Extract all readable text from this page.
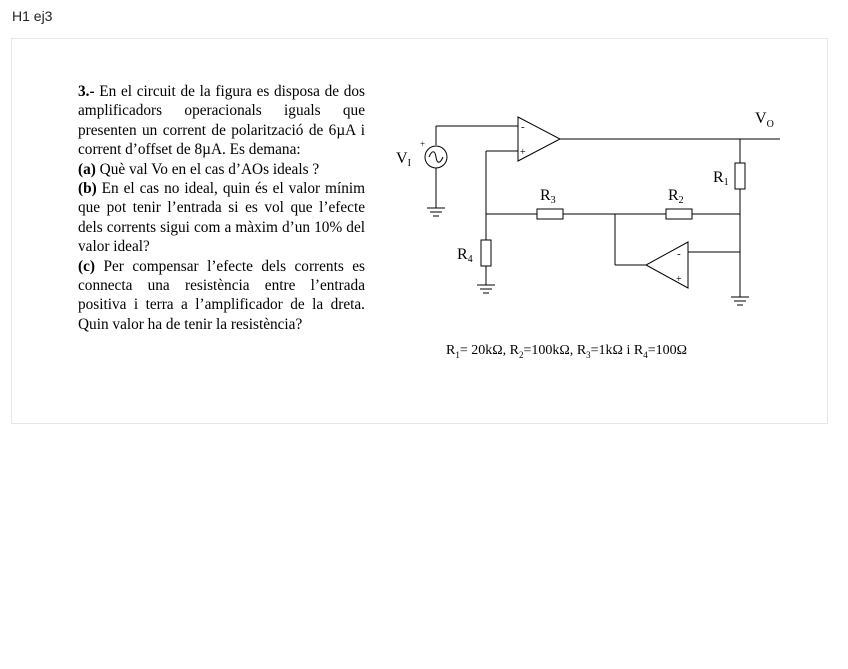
H1 ej3

3.- En el circuit de la figura es disposa de dos amplificadors operacionals iguals que presenten un corrent de polarització de 6µA i corrent d’offset de 8µA. Es demana:

(a) Què val Vo en el cas d’AOs ideals ?

(b) En el cas no ideal, quin és el valor mínim que pot tenir l’entrada si es vol que l’efecte dels corrents sigui com a màxim d’un 10% del valor ideal?

(c) Per compensar l’efecte dels corrents es connecta una resistència entre l’entrada positiva i terra a l’amplificador de la dreta. Quin valor ha de tenir la resistència?

-
+
-
+
+
VI
$V_O$
R1
R2
R3
R4
$R_1= 20k\Omega$, $R_2=100k\Omega$, $R_3=1k\Omega$ i $R_4=100\Omega$
